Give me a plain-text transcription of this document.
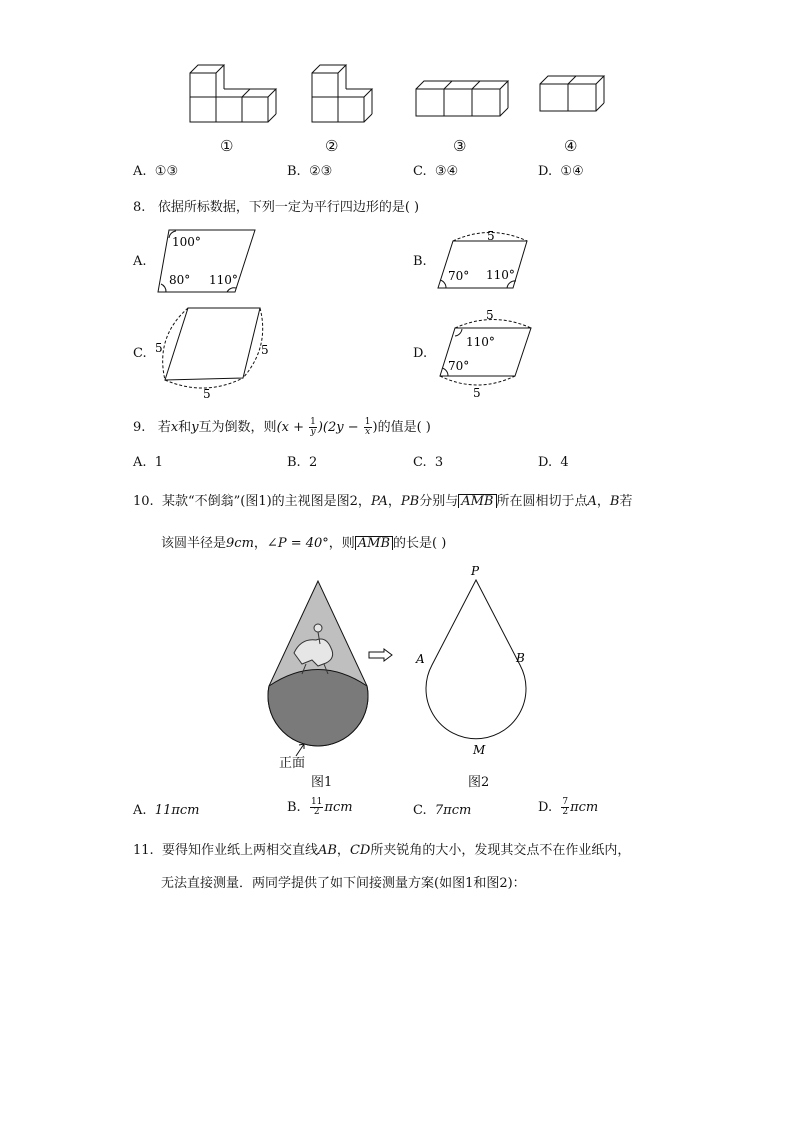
①	②	③	④
A. ①③	B. ②③	C. ③④	D. ①④
8. 依据所标数据，下列一定为平行四边形的是( )
A.
100°
80° 110°
B.
5
70° 110°
C. 5	5
5
D.
5
110°
70°
5
9. 若x和y互为倒数，则$(x + \frac{1}{y} )(2y - \frac{1}{x}$ )的值是( )
A. 1	B. 2	C. 3	D. 4
10. 某款“不倒翁”(图1)的主视图是图2，PA，PB分别与 AMB 所在圆相切于点A，B若
该圆半径是9cm，∠P = 40°，则 AMB 的长是( )
正面
图1
P
A	B
M
图2
A. 11πcm	B. $\frac{11}{2}$ πcm	C. 7πcm	D. $\frac{7}{2}$ πcm
11. 要得知作业纸上两相交直线AB，CD所夹锐角的大小，发现其交点不在作业纸内，
无法直接测量．两同学提供了如下间接测量方案(如图1和图2)：
